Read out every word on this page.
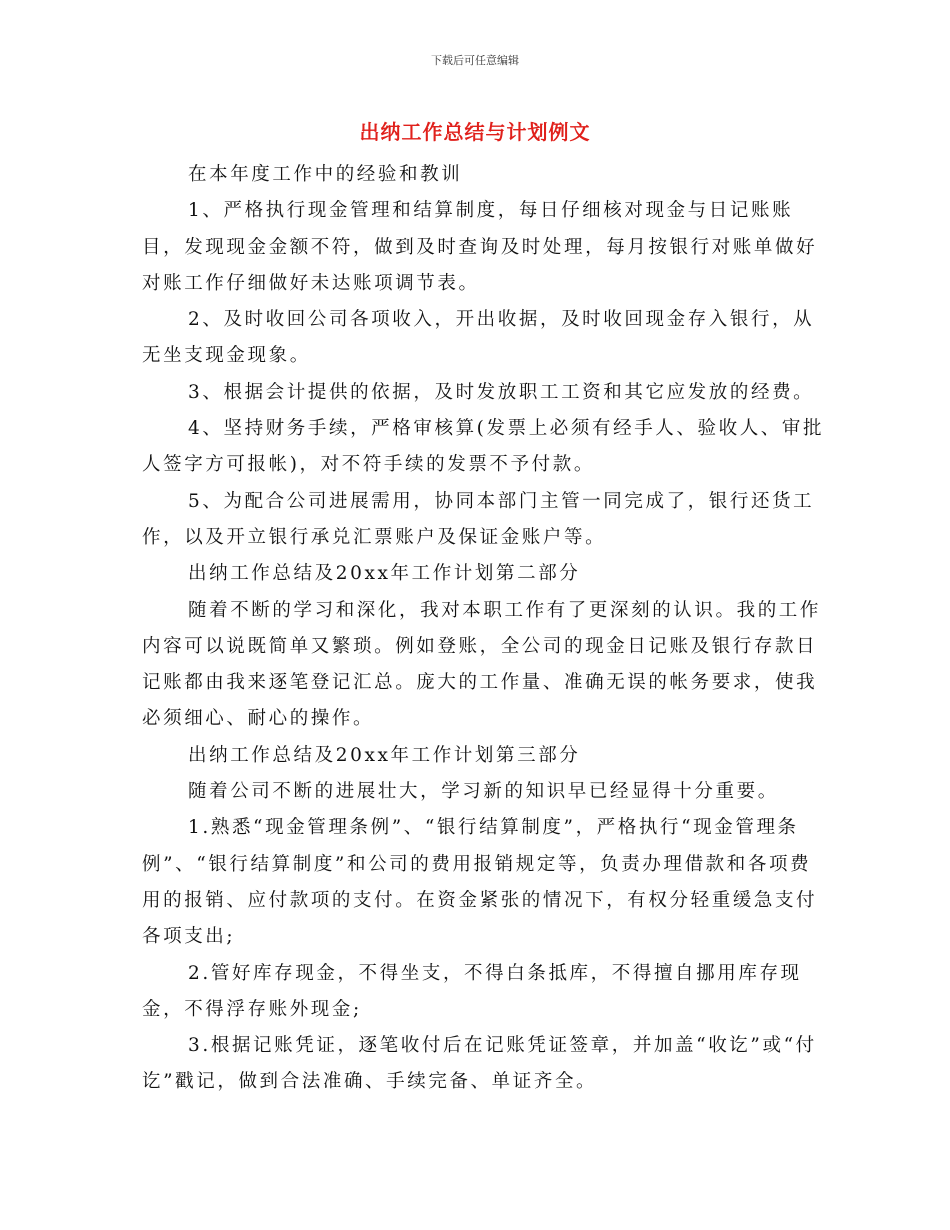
下载后可任意编辑
出纳工作总结与计划例文

在本年度工作中的经验和教训

1、严格执行现金管理和结算制度，每日仔细核对现金与日记账账目，发现现金金额不符，做到及时查询及时处理，每月按银行对账单做好对账工作仔细做好未达账项调节表。

2、及时收回公司各项收入，开出收据，及时收回现金存入银行，从无坐支现金现象。

3、根据会计提供的依据，及时发放职工工资和其它应发放的经费。

4、坚持财务手续，严格审核算(发票上必须有经手人、验收人、审批人签字方可报帐)，对不符手续的发票不予付款。

5、为配合公司进展需用，协同本部门主管一同完成了，银行还货工作，以及开立银行承兑汇票账户及保证金账户等。

出纳工作总结及20xx年工作计划第二部分

随着不断的学习和深化，我对本职工作有了更深刻的认识。我的工作内容可以说既简单又繁琐。例如登账，全公司的现金日记账及银行存款日记账都由我来逐笔登记汇总。庞大的工作量、准确无误的帐务要求，使我必须细心、耐心的操作。

出纳工作总结及20xx年工作计划第三部分

随着公司不断的进展壮大，学习新的知识早已经显得十分重要。

1.熟悉“现金管理条例”、“银行结算制度”，严格执行“现金管理条例”、“银行结算制度”和公司的费用报销规定等，负责办理借款和各项费用的报销、应付款项的支付。在资金紧张的情况下，有权分轻重缓急支付各项支出;

2.管好库存现金，不得坐支，不得白条抵库，不得擅自挪用库存现金，不得浮存账外现金;

3.根据记账凭证，逐笔收付后在记账凭证签章，并加盖“收讫”或“付讫”戳记，做到合法准确、手续完备、单证齐全。
